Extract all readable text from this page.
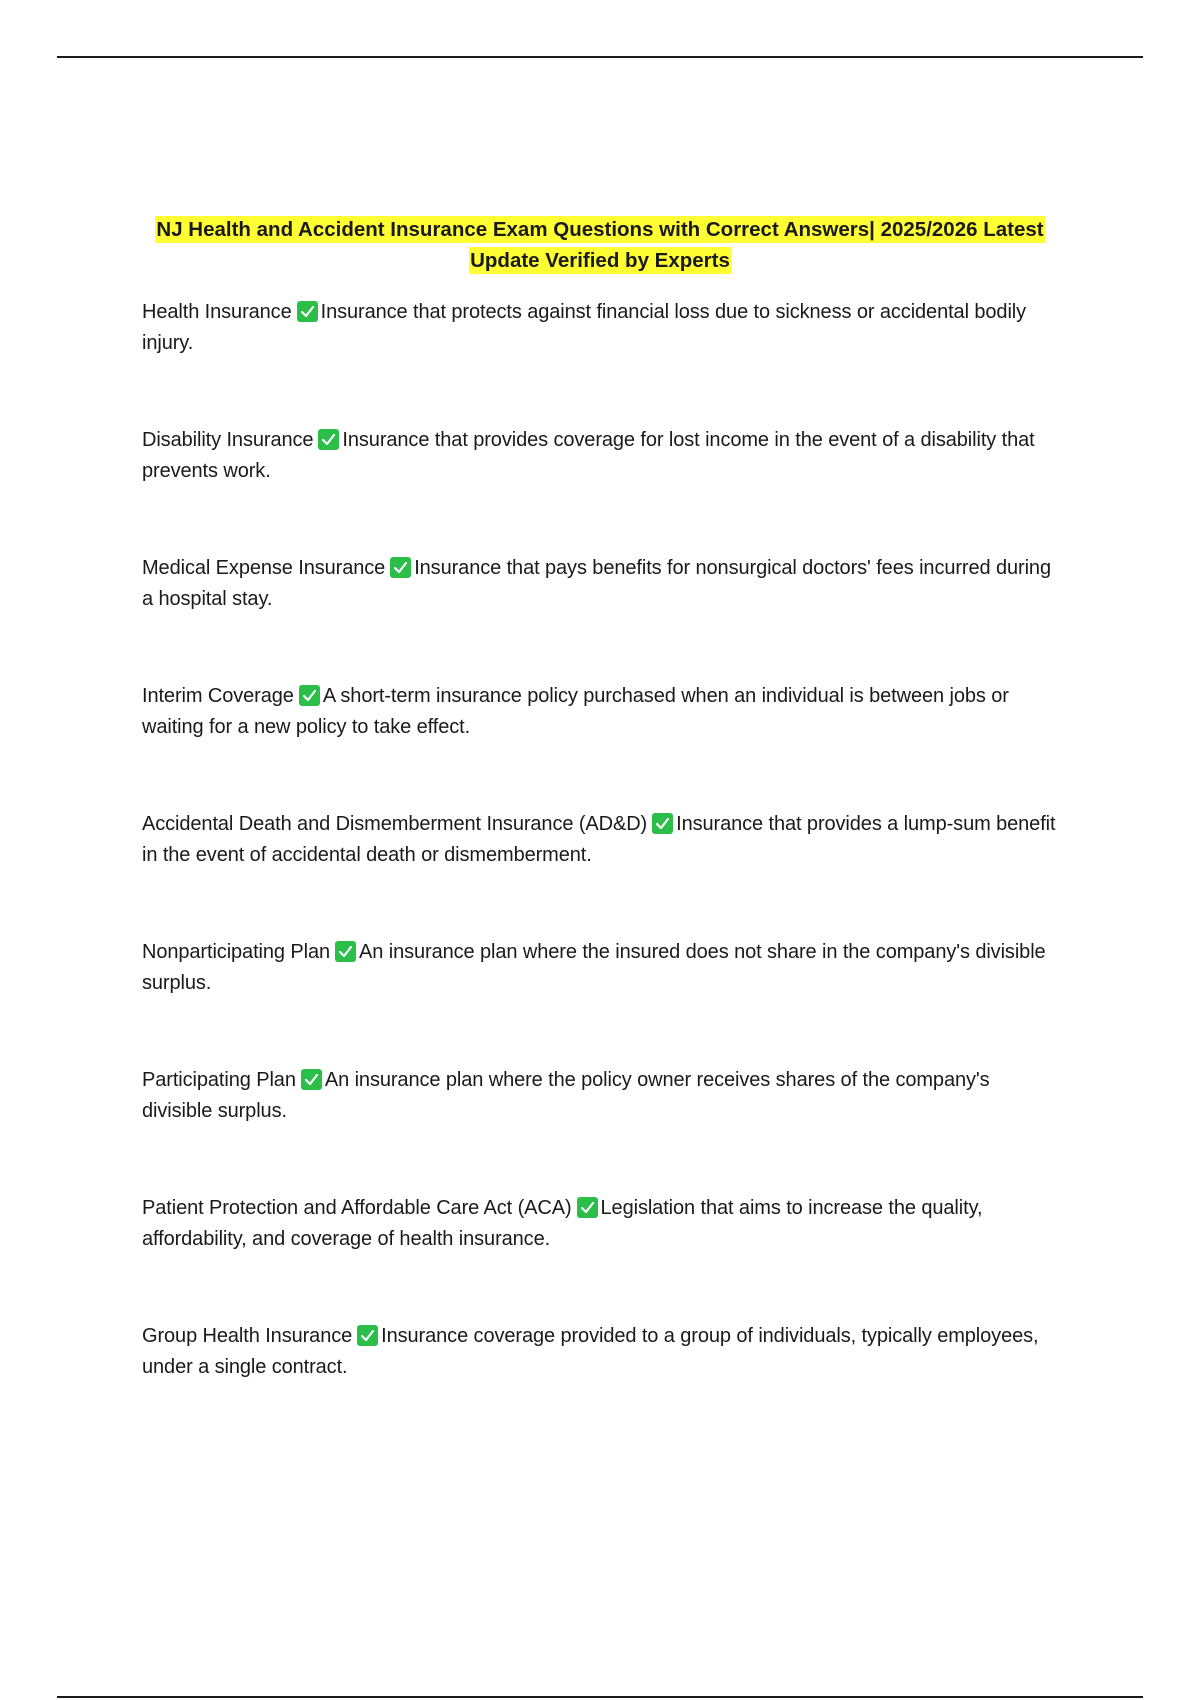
NJ Health and Accident Insurance Exam Questions with Correct Answers| 2025/2026 Latest
Update Verified by Experts
Health Insurance Insurance that protects against financial loss due to sickness or accidental bodily injury.
Disability Insurance Insurance that provides coverage for lost income in the event of a disability that prevents work.
Medical Expense Insurance Insurance that pays benefits for nonsurgical doctors' fees incurred during a hospital stay.
Interim Coverage A short-term insurance policy purchased when an individual is between jobs or waiting for a new policy to take effect.
Accidental Death and Dismemberment Insurance (AD&D) Insurance that provides a lump-sum benefit in the event of accidental death or dismemberment.
Nonparticipating Plan An insurance plan where the insured does not share in the company's divisible surplus.
Participating Plan An insurance plan where the policy owner receives shares of the company's divisible surplus.
Patient Protection and Affordable Care Act (ACA) Legislation that aims to increase the quality, affordability, and coverage of health insurance.
Group Health Insurance Insurance coverage provided to a group of individuals, typically employees, under a single contract.
